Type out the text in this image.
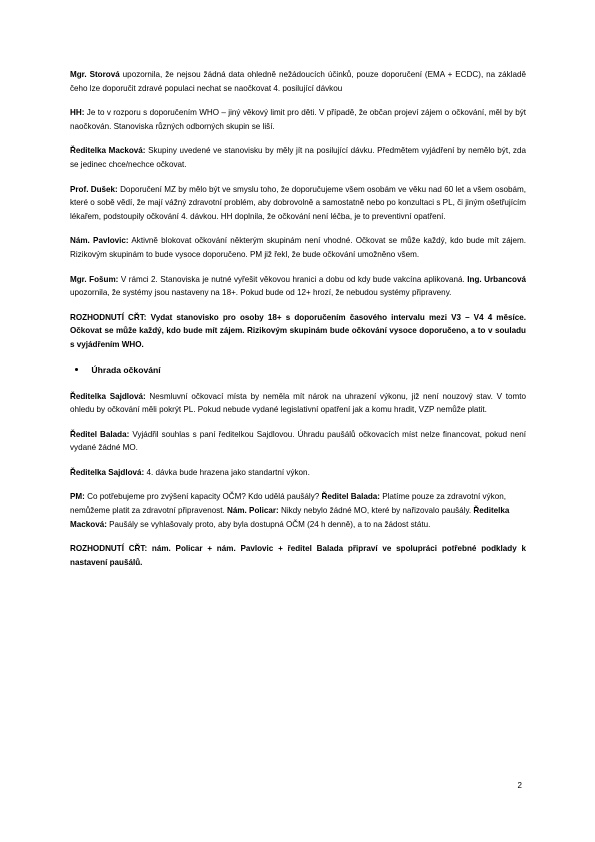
Mgr. Storová upozornila, že nejsou žádná data ohledně nežádoucích účinků, pouze doporučení (EMA + ECDC), na základě čeho lze doporučit zdravé populaci nechat se naočkovat 4. posilující dávkou

HH: Je to v rozporu s doporučením WHO – jiný věkový limit pro děti. V případě, že občan projeví zájem o očkování, měl by být naočkován. Stanoviska různých odborných skupin se liší.

Ředitelka Macková: Skupiny uvedené ve stanovisku by měly jít na posilující dávku. Předmětem vyjádření by nemělo být, zda se jedinec chce/nechce očkovat.

Prof. Dušek: Doporučení MZ by mělo být ve smyslu toho, že doporučujeme všem osobám ve věku nad 60 let a všem osobám, které o sobě vědí, že mají vážný zdravotní problém, aby dobrovolně a samostatně nebo po konzultaci s PL, či jiným ošetřujícím lékařem, podstoupily očkování 4. dávkou. HH doplnila, že očkování není léčba, je to preventivní opatření.

Nám. Pavlovic: Aktivně blokovat očkování některým skupinám není vhodné. Očkovat se může každý, kdo bude mít zájem. Rizikovým skupinám to bude vysoce doporučeno. PM již řekl, že bude očkování umožněno všem.

Mgr. Fošum: V rámci 2. Stanoviska je nutné vyřešit věkovou hranici a dobu od kdy bude vakcína aplikovaná. Ing. Urbancová upozornila, že systémy jsou nastaveny na 18+. Pokud bude od 12+ hrozí, že nebudou systémy připraveny.

ROZHODNUTÍ CŘT: Vydat stanovisko pro osoby 18+ s doporučením časového intervalu mezi V3 – V4 4 měsíce. Očkovat se může každý, kdo bude mít zájem. Rizikovým skupinám bude očkování vysoce doporučeno, a to v souladu s vyjádřením WHO.

Úhrada očkování

Ředitelka Sajdlová: Nesmluvní očkovací místa by neměla mít nárok na uhrazení výkonu, již není nouzový stav. V tomto ohledu by očkování měli pokrýt PL. Pokud nebude vydané legislativní opatření jak a komu hradit, VZP nemůže platit.

Ředitel Balada: Vyjádřil souhlas s paní ředitelkou Sajdlovou. Úhradu paušálů očkovacích míst nelze financovat, pokud není vydané žádné MO.

Ředitelka Sajdlová: 4. dávka bude hrazena jako standartní výkon.

PM: Co potřebujeme pro zvýšení kapacity OČM? Kdo udělá paušály? Ředitel Balada: Platíme pouze za zdravotní výkon, nemůžeme platit za zdravotní připravenost. Nám. Policar: Nikdy nebylo žádné MO, které by nařizovalo paušály. Ředitelka Macková: Paušály se vyhlašovaly proto, aby byla dostupná OČM (24 h denně), a to na žádost státu.

ROZHODNUTÍ CŘT: nám. Policar + nám. Pavlovic + ředitel Balada připraví ve spolupráci potřebné podklady k nastavení paušálů.

2
